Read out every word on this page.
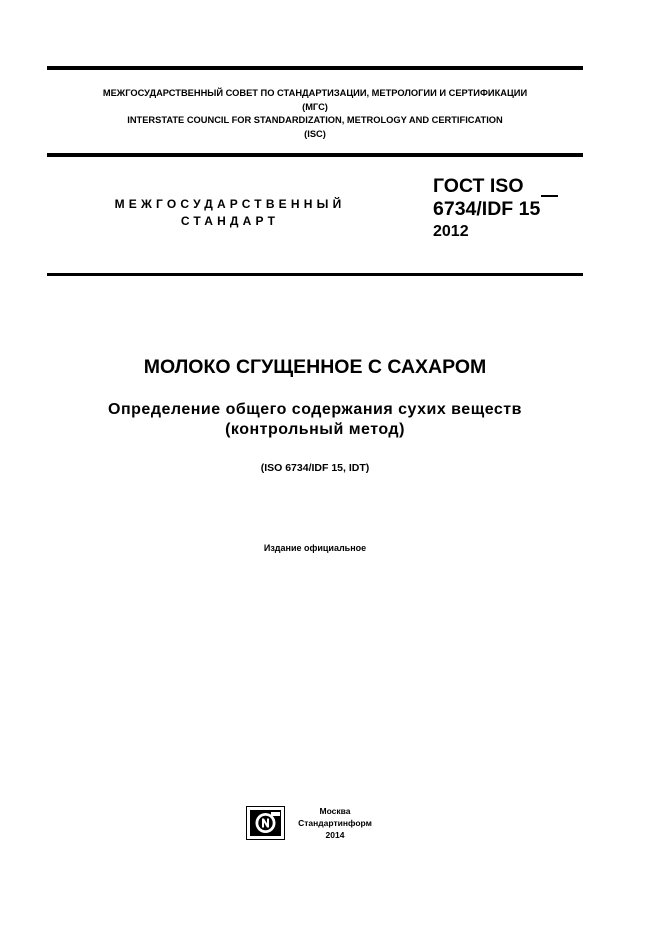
МЕЖГОСУДАРСТВЕННЫЙ СОВЕТ ПО СТАНДАРТИЗАЦИИ, МЕТРОЛОГИИ И СЕРТИФИКАЦИИ
(МГС)
INTERSTATE COUNCIL FOR STANDARDIZATION, METROLOGY AND CERTIFICATION
(ISC)
МЕЖГОСУДАРСТВЕННЫЙ
СТАНДАРТ
ГОСТ ISO
6734/IDF 15
2012
МОЛОКО СГУЩЕННОЕ С САХАРОМ
Определение общего содержания сухих веществ
(контрольный метод)
(ISO 6734/IDF 15, IDT)
Издание официальное
Москва
Стандартинформ
2014
